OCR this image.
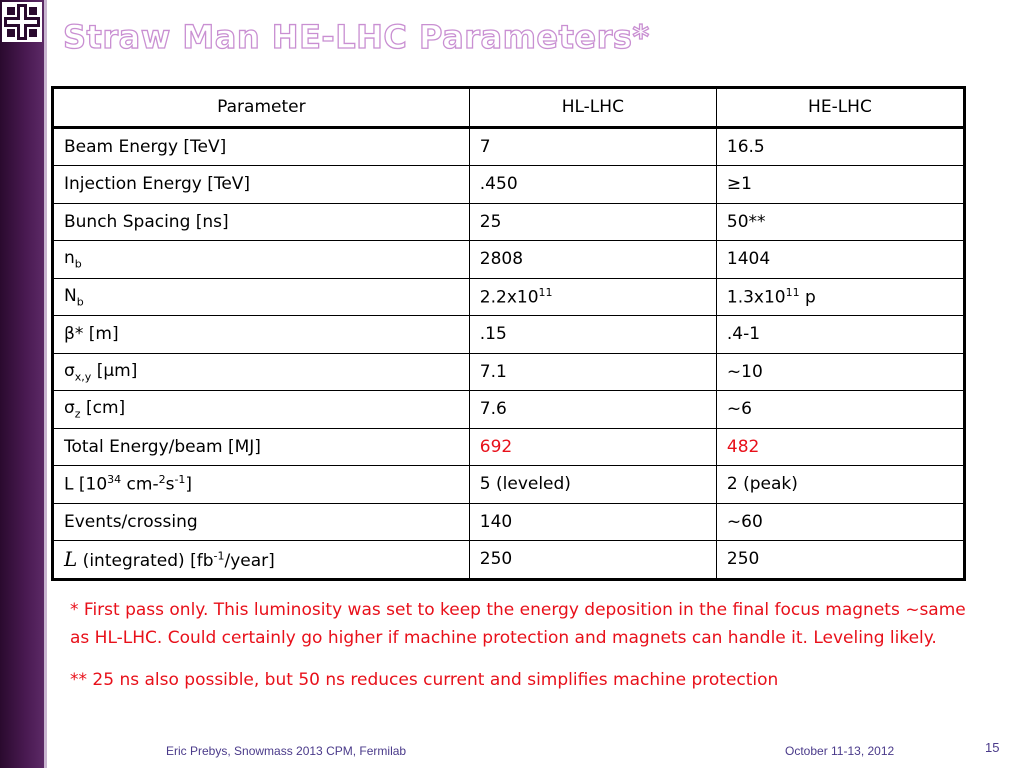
Straw Man HE-LHC Parameters*
Parameter	HL-LHC	HE-LHC
Beam Energy [TeV]	7	16.5
Injection Energy [TeV]	.450	≥1
Bunch Spacing [ns]	25	50**
$n_b$	2808	1404
$N_b$	$2.2x10^{11}$	$1.3x10^{11}$ p
β* [m]	.15	.4-1
$\sigma_{x,y}$ [μm]	7.1	~10
$\sigma_z$ [cm]	7.6	~6
Total Energy/beam [MJ]	692	482
L [$10^{34}$ $cm-^2s^{-1}$]	5 (leveled)	2 (peak)
Events/crossing	140	~60
L (integrated) $[fb^{-1}/year]$	250	250
* First pass only. This luminosity was set to keep the energy deposition in the final focus magnets ~same as HL-LHC. Could certainly go higher if machine protection and magnets can handle it. Leveling likely.
** 25 ns also possible, but 50 ns reduces current and simplifies machine protection
Eric Prebys, Snowmass 2013 CPM, Fermilab	October 11-13, 2012	15
